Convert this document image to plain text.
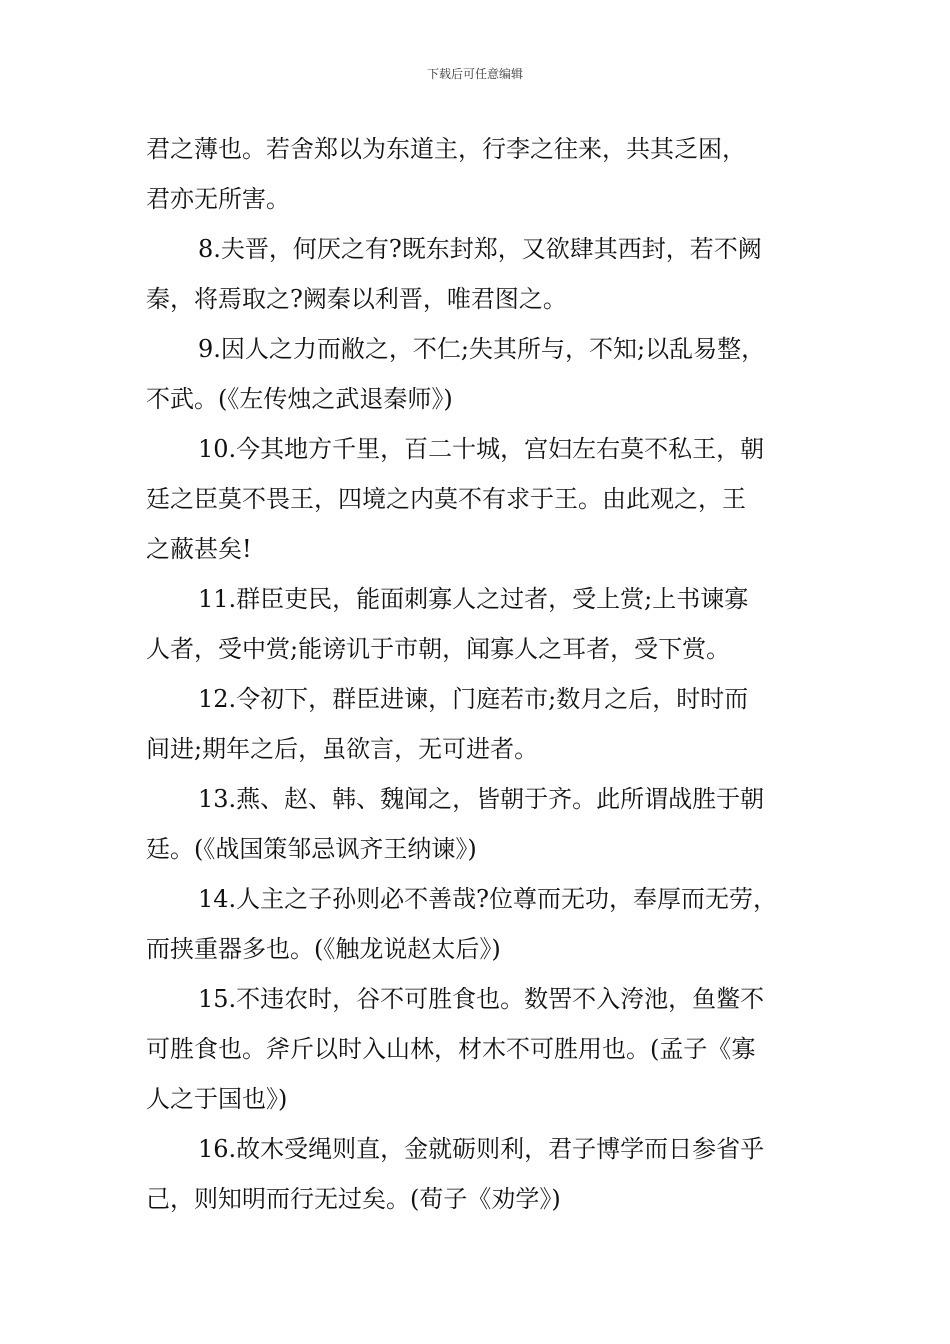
下载后可任意编辑

君之薄也。若舍郑以为东道主，行李之往来，共其乏困，
君亦无所害。

8.夫晋，何厌之有?既东封郑，又欲肆其西封，若不阙
秦，将焉取之?阙秦以利晋，唯君图之。

9.因人之力而敝之，不仁;失其所与，不知;以乱易整，
不武。(《左传烛之武退秦师》)

10.今其地方千里，百二十城，宫妇左右莫不私王，朝
廷之臣莫不畏王，四境之内莫不有求于王。由此观之，王
之蔽甚矣!

11.群臣吏民，能面刺寡人之过者，受上赏;上书谏寡
人者，受中赏;能谤讥于市朝，闻寡人之耳者，受下赏。

12.令初下，群臣进谏，门庭若市;数月之后，时时而
间进;期年之后，虽欲言，无可进者。

13.燕、赵、韩、魏闻之，皆朝于齐。此所谓战胜于朝
廷。(《战国策邹忌讽齐王纳谏》)

14.人主之子孙则必不善哉?位尊而无功，奉厚而无劳，
而挟重器多也。(《触龙说赵太后》)

15.不违农时，谷不可胜食也。数罟不入洿池，鱼鳖不
可胜食也。斧斤以时入山林，材木不可胜用也。(孟子《寡
人之于国也》)

16.故木受绳则直，金就砺则利，君子博学而日参省乎
己，则知明而行无过矣。(荀子《劝学》)
